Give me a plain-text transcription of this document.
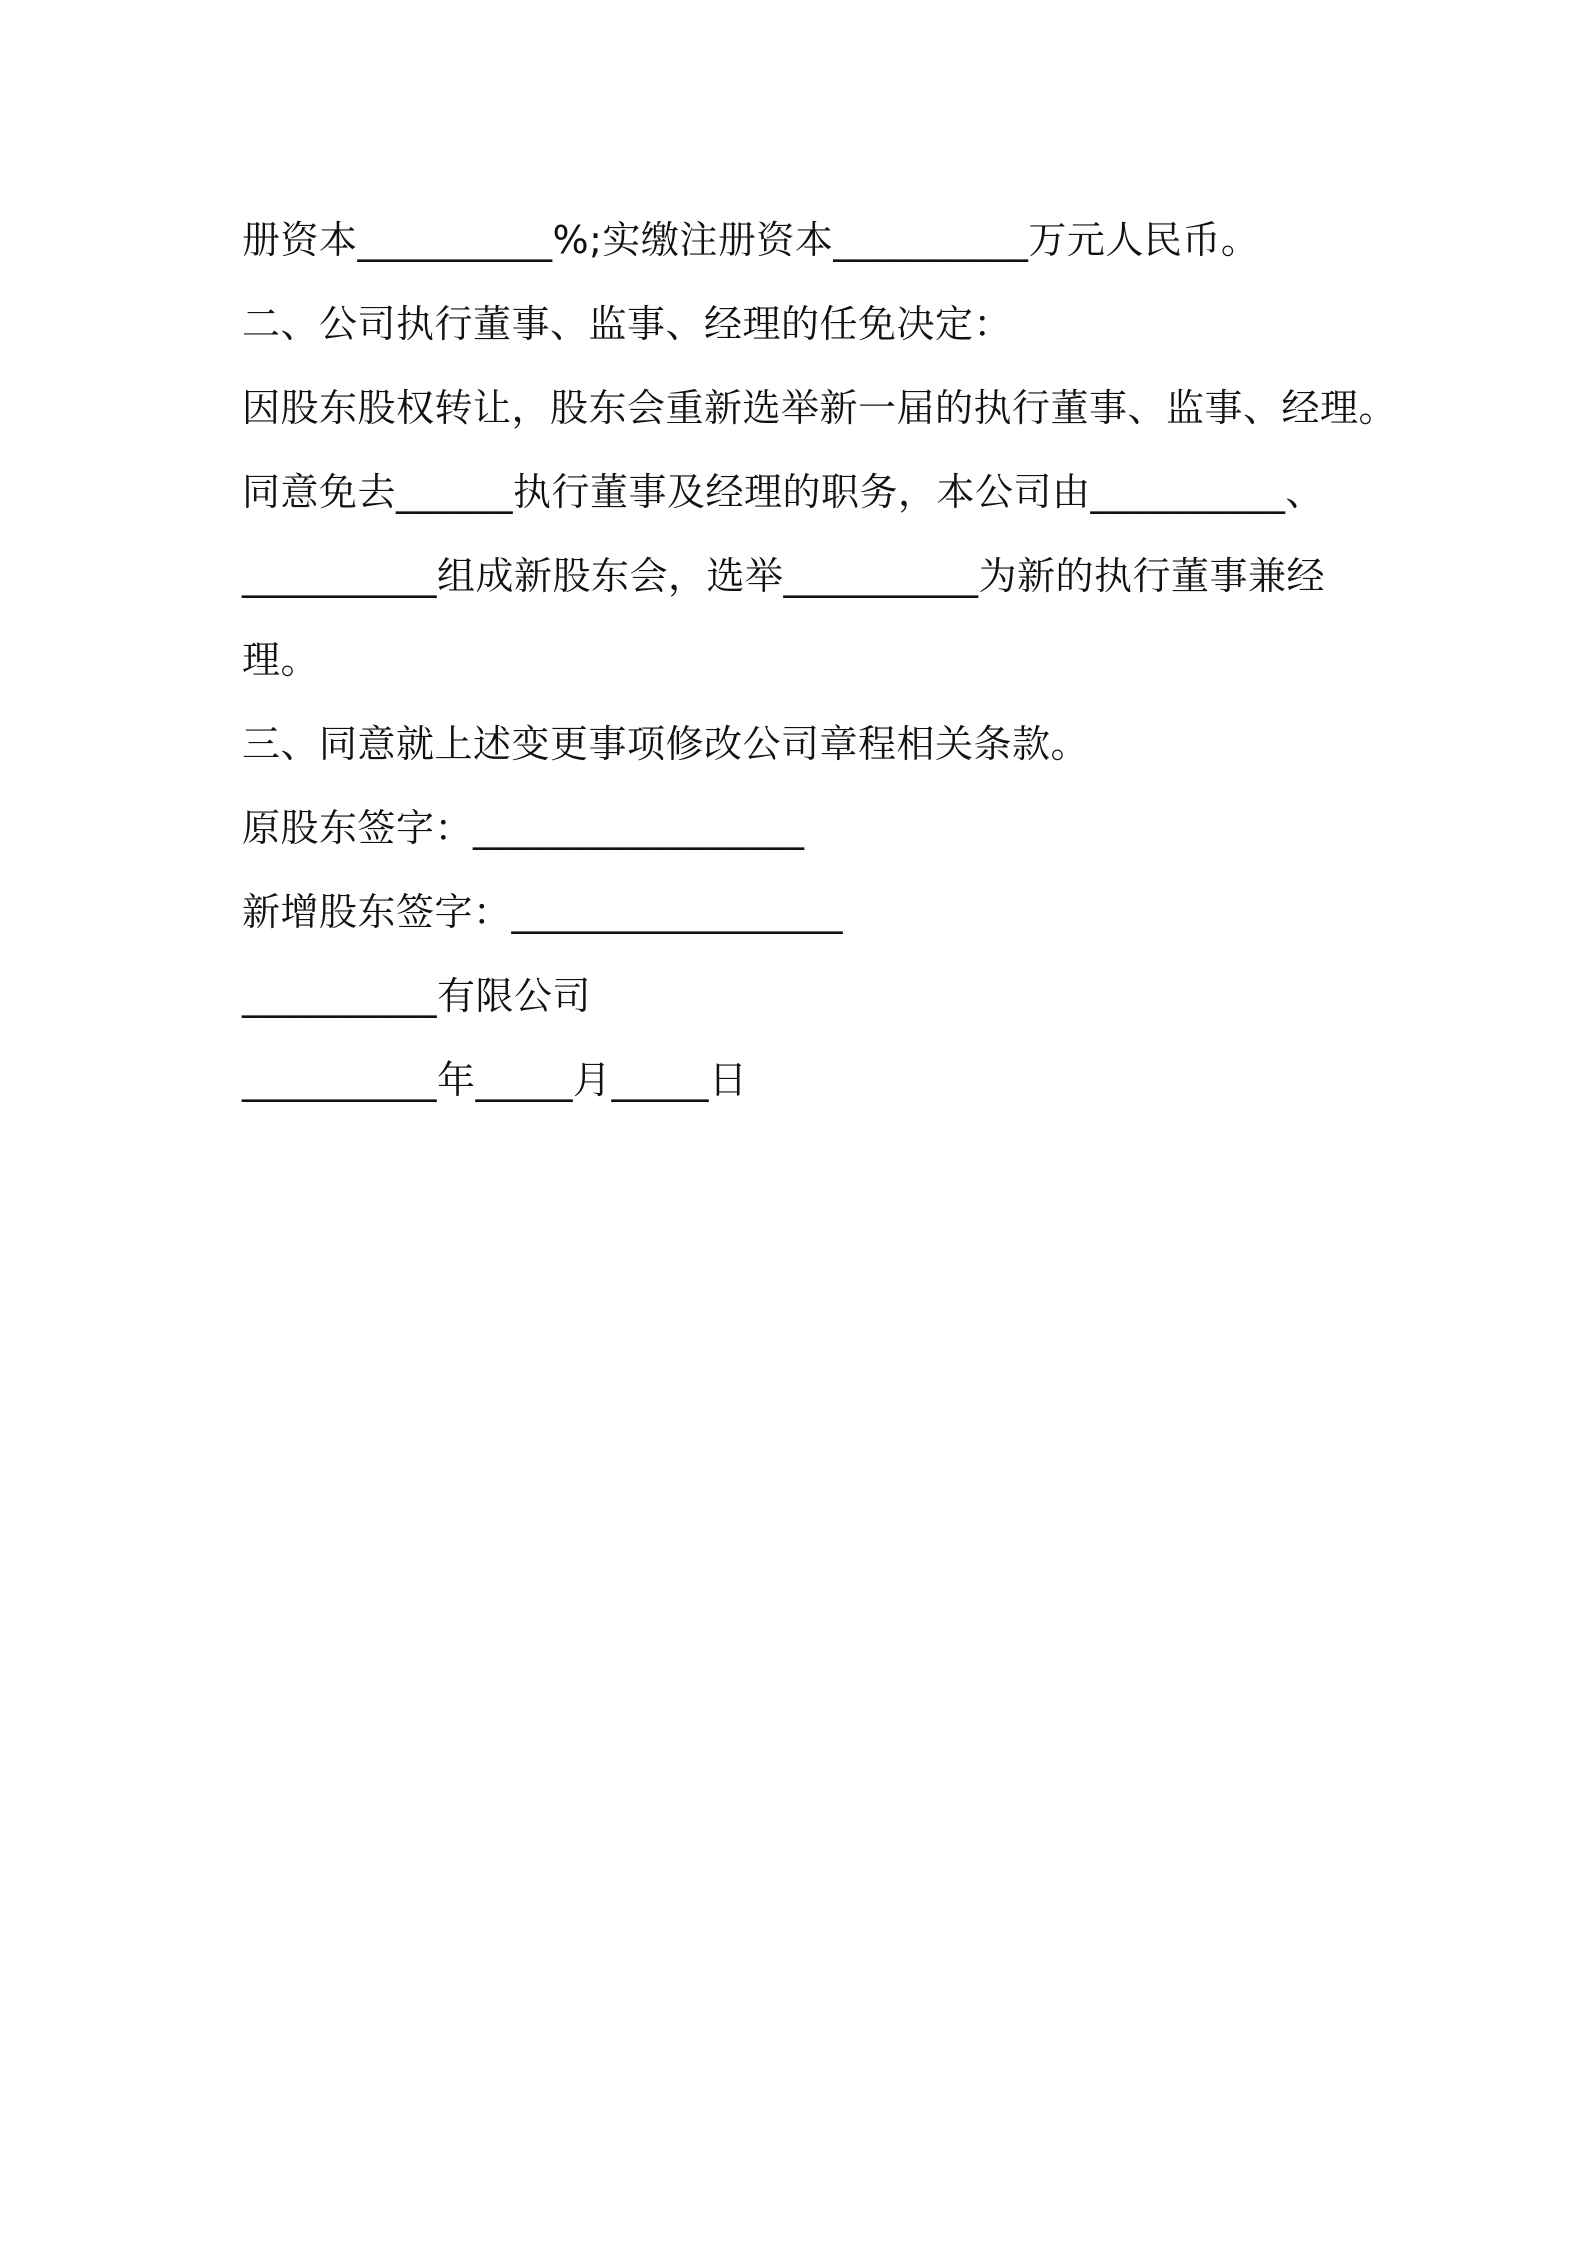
册资本__________%;实缴注册资本__________万元人民币。
二、公司执行董事、监事、经理的任免决定：
因股东股权转让，股东会重新选举新一届的执行董事、监事、经理。
同意免去______执行董事及经理的职务，本公司由__________、
__________组成新股东会，选举__________为新的执行董事兼经
理。
三、同意就上述变更事项修改公司章程相关条款。
原股东签字：_________________
新增股东签字：_________________
__________有限公司
__________年_____月_____日
